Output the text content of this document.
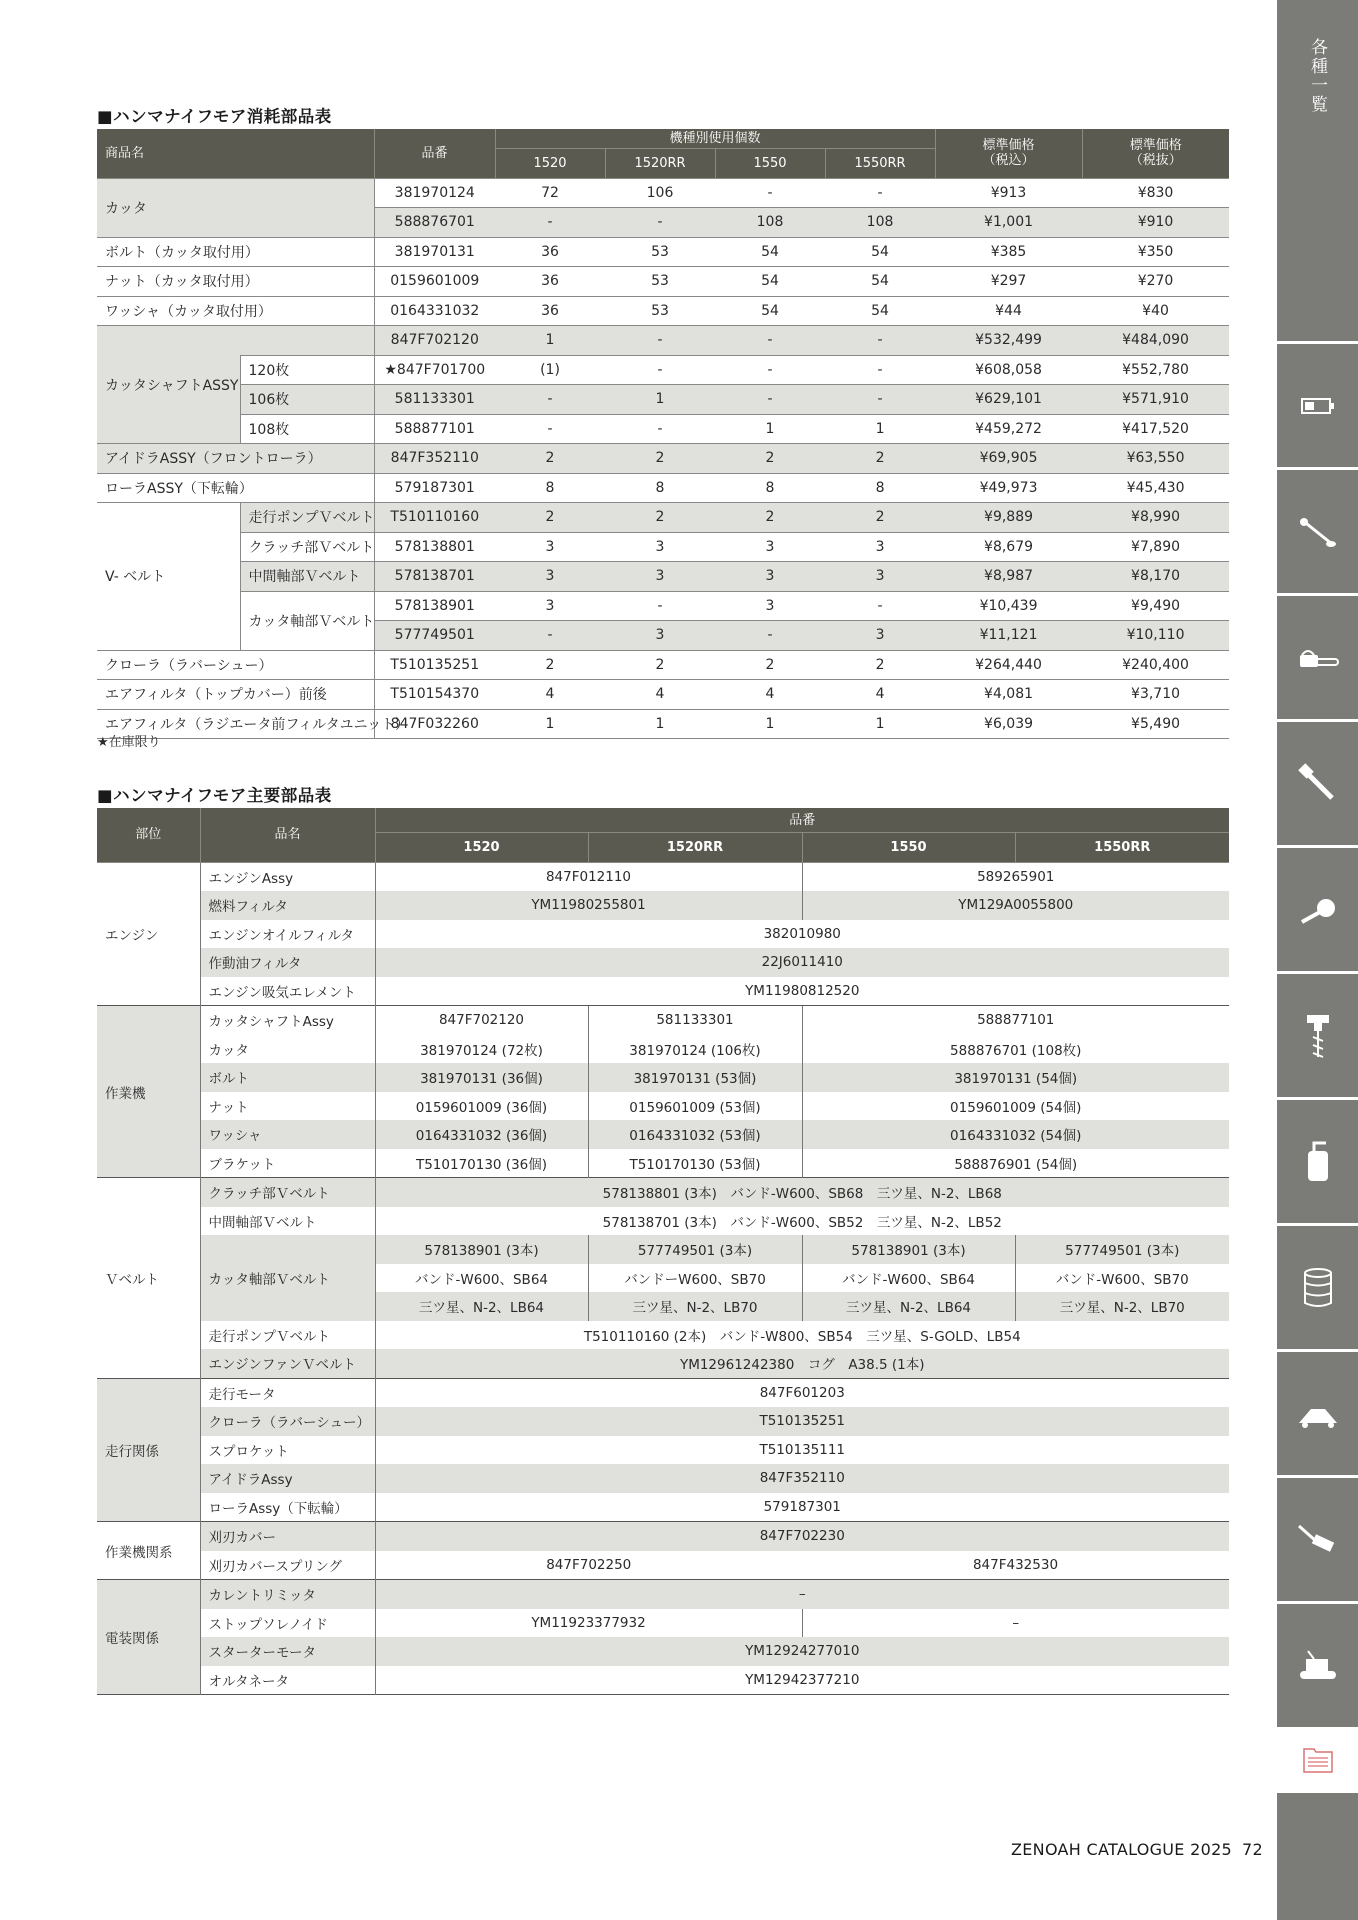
■ハンマナイフモア消耗部品表
商品名		品番	機種別使用個数				標準価格
（税込）	標準価格
（税抜）
			1520	1520RR	1550	1550RR		
カッタ		381970124	72	106	-	-	¥913	¥830
		588876701	-	-	108	108	¥1,001	¥910
ボルト（カッタ取付用）		381970131	36	53	54	54	¥385	¥350
ナット（カッタ取付用）		0159601009	36	53	54	54	¥297	¥270
ワッシャ（カッタ取付用）		0164331032	36	53	54	54	¥44	¥40
カッタシャフトASSY		847F702120	1	-	-	-	¥532,499	¥484,090
	120枚	★847F701700	(1)	-	-	-	¥608,058	¥552,780
	106枚	581133301	-	1	-	-	¥629,101	¥571,910
	108枚	588877101	-	-	1	1	¥459,272	¥417,520
アイドラASSY（フロントローラ）		847F352110	2	2	2	2	¥69,905	¥63,550
ローラASSY（下転輪）		579187301	8	8	8	8	¥49,973	¥45,430
V- ベルト	走行ポンプＶベルト	T510110160	2	2	2	2	¥9,889	¥8,990
	クラッチ部Ｖベルト	578138801	3	3	3	3	¥8,679	¥7,890
	中間軸部Ｖベルト	578138701	3	3	3	3	¥8,987	¥8,170
	カッタ軸部Ｖベルト	578138901	3	-	3	-	¥10,439	¥9,490
		577749501	-	3	-	3	¥11,121	¥10,110
クローラ（ラバーシュー）		T510135251	2	2	2	2	¥264,440	¥240,400
エアフィルタ（トップカバー）前後		T510154370	4	4	4	4	¥4,081	¥3,710
エアフィルタ（ラジエータ前フィルタユニット）		847F032260	1	1	1	1	¥6,039	¥5,490
★在庫限り
■ハンマナイフモア主要部品表
部位	品名	品番			
		1520	1520RR	1550	1550RR
エンジン	エンジンAssy	847F012110		589265901	
	燃料フィルタ	YM11980255801		YM129A0055800	
	エンジンオイルフィルタ	382010980			
	作動油フィルタ	22J6011410			
	エンジン吸気エレメント	YM11980812520			
作業機	カッタシャフトAssy	847F702120	581133301	588877101	
	カッタ	381970124 (72枚)	381970124 (106枚)	588876701 (108枚)	
	ボルト	381970131 (36個)	381970131 (53個)	381970131 (54個)	
	ナット	0159601009 (36個)	0159601009 (53個)	0159601009 (54個)	
	ワッシャ	0164331032 (36個)	0164331032 (53個)	0164331032 (54個)	
	ブラケット	T510170130 (36個)	T510170130 (53個)	588876901 (54個)	
Ｖベルト	クラッチ部Ｖベルト	578138801 (3本)　バンド-W600、SB68　三ツ星、N-2、LB68			
	中間軸部Ｖベルト	578138701 (3本)　バンド-W600、SB52　三ツ星、N-2、LB52			
	カッタ軸部Ｖベルト	578138901 (3本)	577749501 (3本)	578138901 (3本)	577749501 (3本)
		バンド-W600、SB64	バンドーW600、SB70	バンド-W600、SB64	バンド-W600、SB70
		三ツ星、N-2、LB64	三ツ星、N-2、LB70	三ツ星、N-2、LB64	三ツ星、N-2、LB70
	走行ポンプＶベルト	T510110160 (2本)　バンド-W800、SB54　三ツ星、S-GOLD、LB54			
	エンジンファンＶベルト	YM12961242380　コグ　A38.5 (1本)			
走行関係	走行モータ	847F601203			
	クローラ（ラバーシュー）	T510135251			
	スプロケット	T510135111			
	アイドラAssy	847F352110			
	ローラAssy（下転輪）	579187301			
作業機関系	刈刃カバー	847F702230			
	刈刃カバースプリング	847F702250		847F432530	
電装関係	カレントリミッタ	–			
	ストップソレノイド	YM11923377932		–	
	スターターモータ	YM12924277010			
	オルタネータ	YM12942377210			
各種一覧
ZENOAH CATALOGUE 2025 72
